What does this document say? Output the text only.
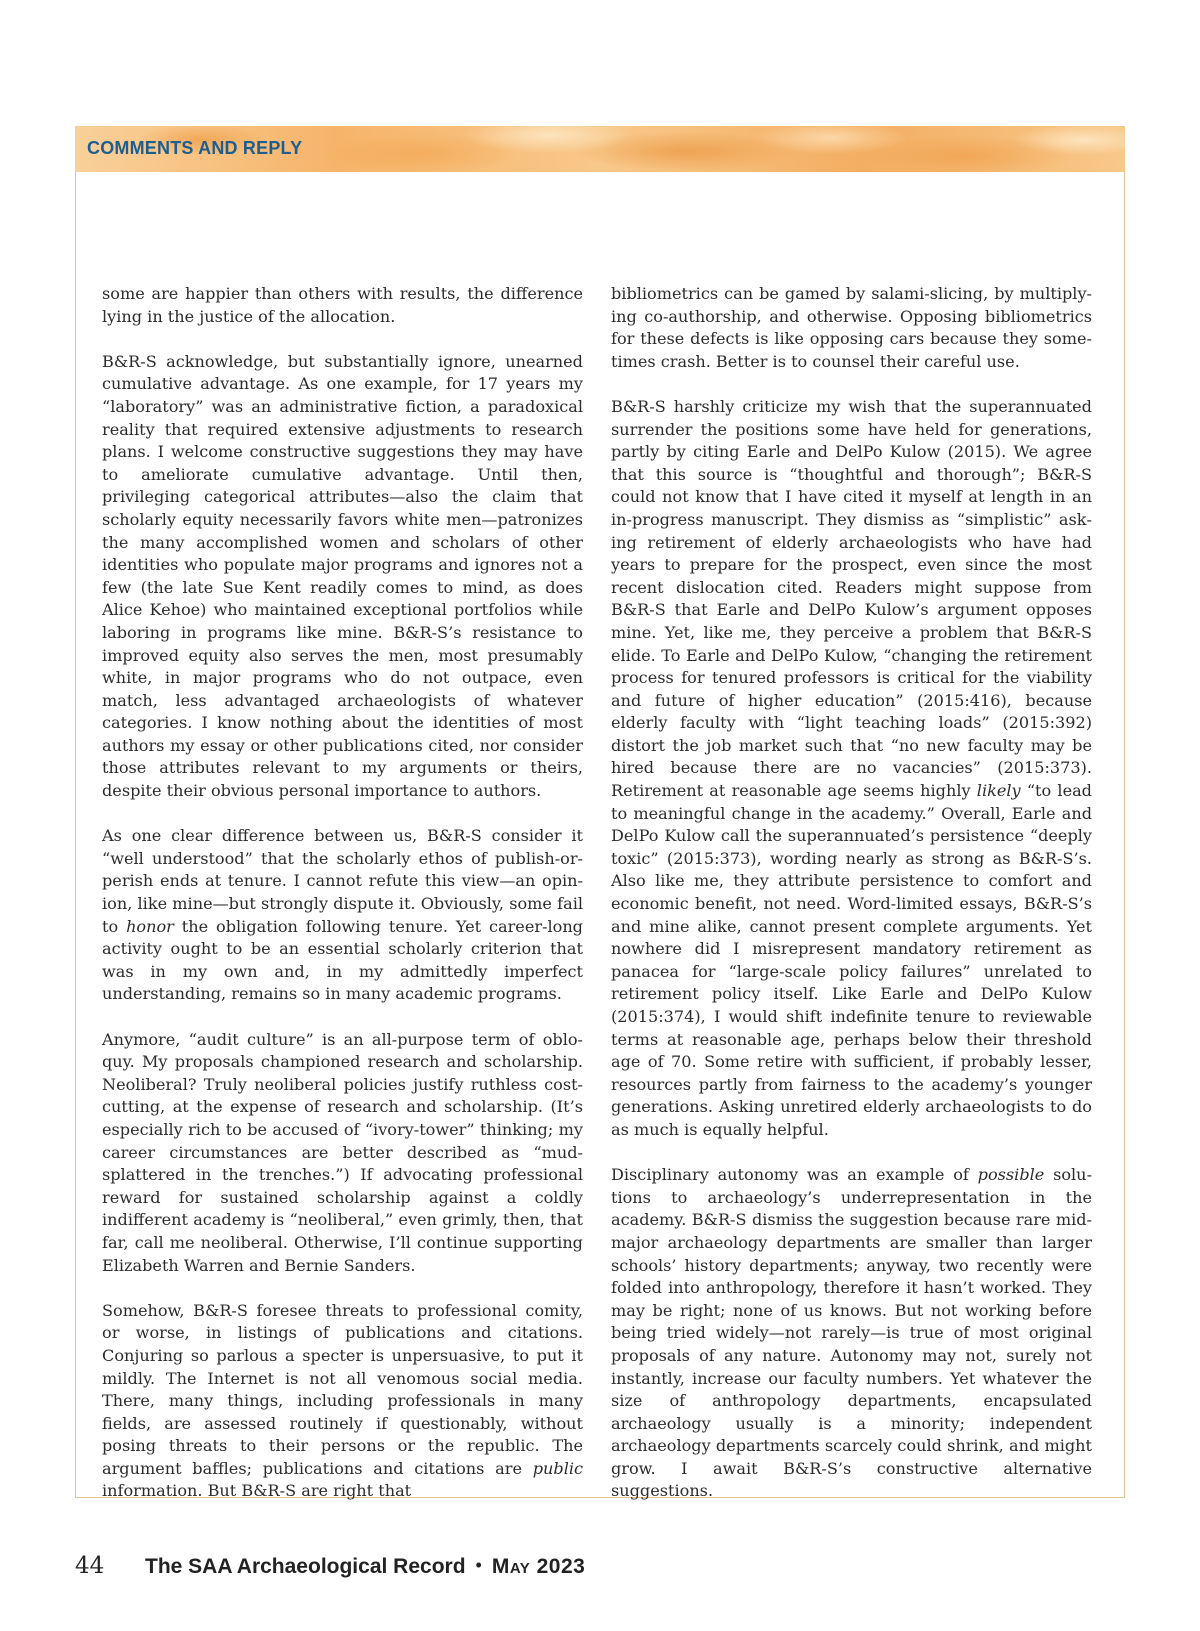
COMMENTS AND REPLY

some are happier than others with results, the difference lying in the justice of the allocation.

B&R-S acknowledge, but substantially ignore, unearned cumulative advantage. As one example, for 17 years my “laboratory” was an administrative fiction, a paradoxical reality that required extensive adjustments to research plans. I welcome constructive suggestions they may have to ameliorate cumulative advantage. Until then, privileging categorical attributes—also the claim that scholarly equity necessarily favors white men—patronizes the many accomplished women and scholars of other identities who populate major programs and ignores not a few (the late Sue Kent readily comes to mind, as does Alice Kehoe) who maintained exceptional portfolios while laboring in programs like mine. B&R-S’s resistance to improved equity also serves the men, most presumably white, in major programs who do not outpace, even match, less advantaged archaeologists of whatever categories. I know nothing about the identities of most authors my essay or other publications cited, nor consider those attributes relevant to my arguments or theirs, despite their obvious personal importance to authors.

As one clear difference between us, B&R-S consider it “well understood” that the scholarly ethos of publish-or-perish ends at tenure. I cannot refute this view—an opinion, like mine—but strongly dispute it. Obviously, some fail to honor the obligation following tenure. Yet career-long activity ought to be an essential scholarly criterion that was in my own and, in my admittedly imperfect understanding, remains so in many academic programs.

Anymore, “audit culture” is an all-purpose term of obloquy. My proposals championed research and scholarship. Neoliberal? Truly neoliberal policies justify ruthless cost-cutting, at the expense of research and scholarship. (It’s especially rich to be accused of “ivory-tower” thinking; my career circumstances are better described as “mud-splattered in the trenches.”) If advocating professional reward for sustained scholarship against a coldly indifferent academy is “neoliberal,” even grimly, then, that far, call me neoliberal. Otherwise, I’ll continue supporting Elizabeth Warren and Bernie Sanders.

Somehow, B&R-S foresee threats to professional comity, or worse, in listings of publications and citations. Conjuring so parlous a specter is unpersuasive, to put it mildly. The Internet is not all venomous social media. There, many things, including professionals in many fields, are assessed routinely if questionably, without posing threats to their persons or the republic. The argument baffles; publications and citations are public information. But B&R-S are right that

bibliometrics can be gamed by salami-slicing, by multiplying co-authorship, and otherwise. Opposing bibliometrics for these defects is like opposing cars because they sometimes crash. Better is to counsel their careful use.

B&R-S harshly criticize my wish that the superannuated surrender the positions some have held for generations, partly by citing Earle and DelPo Kulow (2015). We agree that this source is “thoughtful and thorough”; B&R-S could not know that I have cited it myself at length in an in-progress manuscript. They dismiss as “simplistic” asking retirement of elderly archaeologists who have had years to prepare for the prospect, even since the most recent dislocation cited. Readers might suppose from B&R-S that Earle and DelPo Kulow’s argument opposes mine. Yet, like me, they perceive a problem that B&R-S elide. To Earle and DelPo Kulow, “changing the retirement process for tenured professors is critical for the viability and future of higher education” (2015:416), because elderly faculty with “light teaching loads” (2015:392) distort the job market such that “no new faculty may be hired because there are no vacancies” (2015:373). Retirement at reasonable age seems highly likely “to lead to meaningful change in the academy.” Overall, Earle and DelPo Kulow call the superannuated’s persistence “deeply toxic” (2015:373), wording nearly as strong as B&R-S’s. Also like me, they attribute persistence to comfort and economic benefit, not need. Word-limited essays, B&R-S’s and mine alike, cannot present complete arguments. Yet nowhere did I misrepresent mandatory retirement as panacea for “large-scale policy failures” unrelated to retirement policy itself. Like Earle and DelPo Kulow (2015:374), I would shift indefinite tenure to reviewable terms at reasonable age, perhaps below their threshold age of 70. Some retire with sufficient, if probably lesser, resources partly from fairness to the academy’s younger generations. Asking unretired elderly archaeologists to do as much is equally helpful.

Disciplinary autonomy was an example of possible solutions to archaeology’s underrepresentation in the academy. B&R-S dismiss the suggestion because rare mid-major archaeology departments are smaller than larger schools’ history departments; anyway, two recently were folded into anthropology, therefore it hasn’t worked. They may be right; none of us knows. But not working before being tried widely—not rarely—is true of most original proposals of any nature. Autonomy may not, surely not instantly, increase our faculty numbers. Yet whatever the size of anthropology departments, encapsulated archaeology usually is a minority; independent archaeology departments scarcely could shrink, and might grow. I await B&R-S’s constructive alternative suggestions.

44	The SAA Archaeological Record • May 2023
